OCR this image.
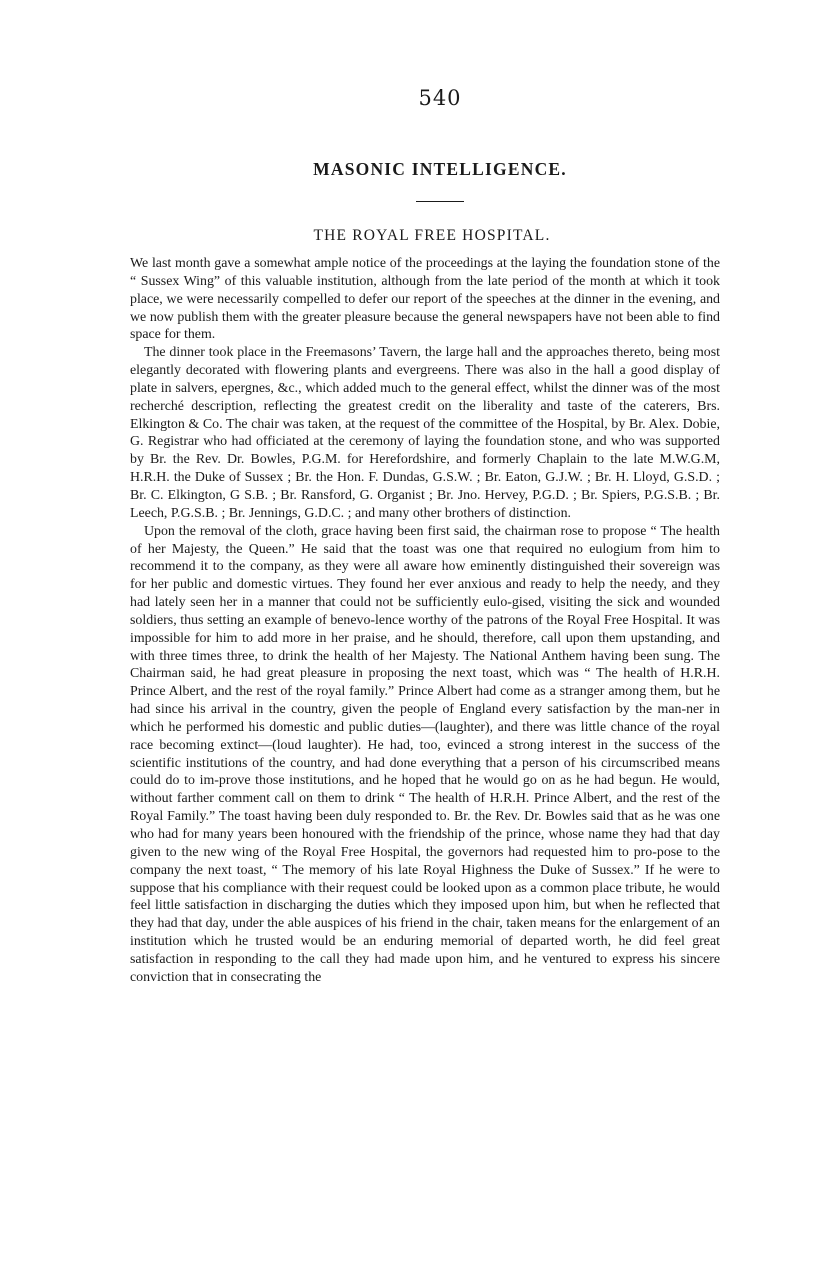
540
MASONIC INTELLIGENCE.
THE ROYAL FREE HOSPITAL.

We last month gave a somewhat ample notice of the proceedings at the laying the foundation stone of the “ Sussex Wing” of this valuable institution, although from the late period of the month at which it took place, we were necessarily compelled to defer our report of the speeches at the dinner in the evening, and we now publish them with the greater pleasure because the general newspapers have not been able to find space for them.

The dinner took place in the Freemasons’ Tavern, the large hall and the approaches thereto, being most elegantly decorated with flowering plants and evergreens. There was also in the hall a good display of plate in salvers, epergnes, &c., which added much to the general effect, whilst the dinner was of the most recherché description, reflecting the greatest credit on the liberality and taste of the caterers, Brs. Elkington & Co. The chair was taken, at the request of the committee of the Hospital, by Br. Alex. Dobie, G. Registrar who had officiated at the ceremony of laying the foundation stone, and who was supported by Br. the Rev. Dr. Bowles, P.G.M. for Herefordshire, and formerly Chaplain to the late M.W.G.M, H.R.H. the Duke of Sussex ; Br. the Hon. F. Dundas, G.S.W. ; Br. Eaton, G.J.W. ; Br. H. Lloyd, G.S.D. ; Br. C. Elkington, G S.B. ; Br. Ransford, G. Organist ; Br. Jno. Hervey, P.G.D. ; Br. Spiers, P.G.S.B. ; Br. Leech, P.G.S.B. ; Br. Jennings, G.D.C. ; and many other brothers of distinction.

Upon the removal of the cloth, grace having been first said, the chairman rose to propose “ The health of her Majesty, the Queen.” He said that the toast was one that required no eulogium from him to recommend it to the company, as they were all aware how eminently distinguished their sovereign was for her public and domestic virtues. They found her ever anxious and ready to help the needy, and they had lately seen her in a manner that could not be sufficiently eulo-gised, visiting the sick and wounded soldiers, thus setting an example of benevo-lence worthy of the patrons of the Royal Free Hospital. It was impossible for him to add more in her praise, and he should, therefore, call upon them upstanding, and with three times three, to drink the health of her Majesty. The National Anthem having been sung. The Chairman said, he had great pleasure in proposing the next toast, which was “ The health of H.R.H. Prince Albert, and the rest of the royal family.” Prince Albert had come as a stranger among them, but he had since his arrival in the country, given the people of England every satisfaction by the man-ner in which he performed his domestic and public duties—(laughter), and there was little chance of the royal race becoming extinct—(loud laughter). He had, too, evinced a strong interest in the success of the scientific institutions of the country, and had done everything that a person of his circumscribed means could do to im-prove those institutions, and he hoped that he would go on as he had begun. He would, without farther comment call on them to drink “ The health of H.R.H. Prince Albert, and the rest of the Royal Family.” The toast having been duly responded to. Br. the Rev. Dr. Bowles said that as he was one who had for many years been honoured with the friendship of the prince, whose name they had that day given to the new wing of the Royal Free Hospital, the governors had requested him to pro-pose to the company the next toast, “ The memory of his late Royal Highness the Duke of Sussex.” If he were to suppose that his compliance with their request could be looked upon as a common place tribute, he would feel little satisfaction in discharging the duties which they imposed upon him, but when he reflected that they had that day, under the able auspices of his friend in the chair, taken means for the enlargement of an institution which he trusted would be an enduring memorial of departed worth, he did feel great satisfaction in responding to the call they had made upon him, and he ventured to express his sincere conviction that in consecrating the
